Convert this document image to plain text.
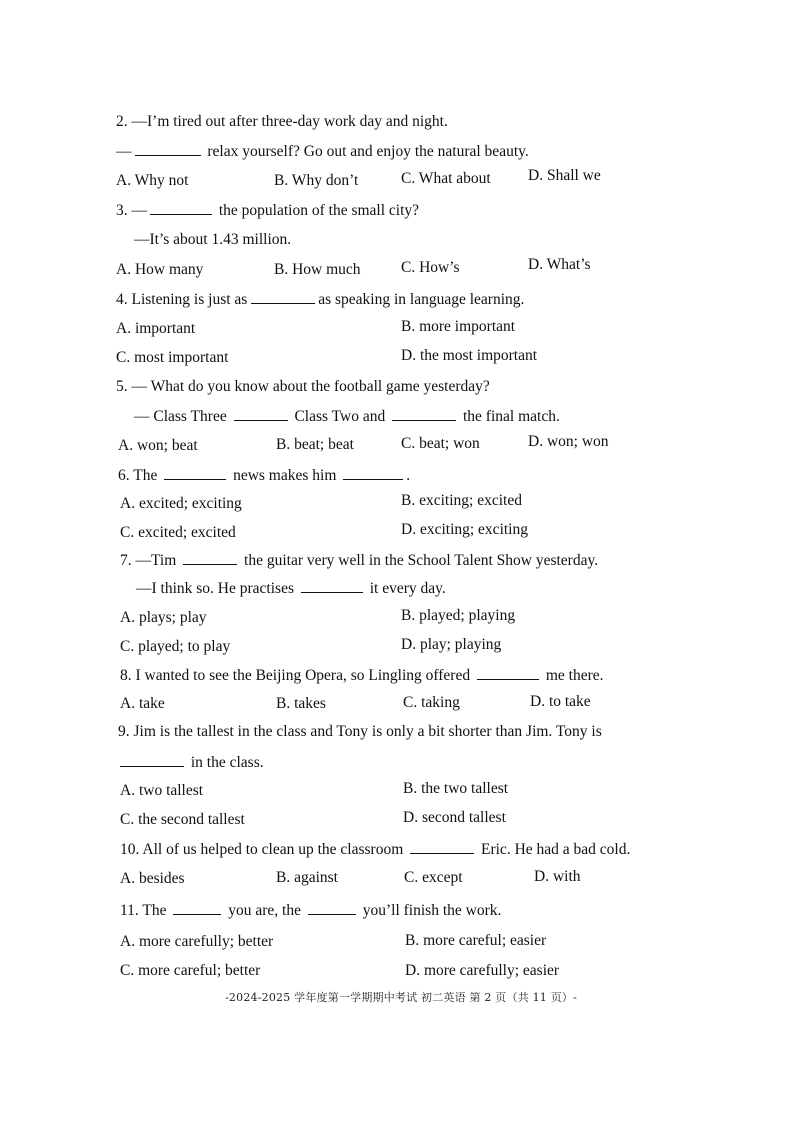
2. —I’m tired out after three-day work day and night.
—	relax yourself? Go out and enjoy the natural beauty.
A. Why not	B. Why don’t	C. What about D. Shall we
3. —	the population of the small city?
—It’s about 1.43 million.
A. How many	B. How much	C. How’s	D. What’s
4. Listening is just as	as speaking in language learning.
A. important	B. more important
C. most important	D. the most important
5. — What do you know about the football game yesterday?
— Class Three	Class Two and	the final match.
A. won; beat	B. beat; beat	C. beat; won	D. won; won
6. The	news makes him	.
A. excited; exciting	B. exciting; excited
C. excited; excited	D. exciting; exciting
7. —Tim	the guitar very well in the School Talent Show yesterday.
—I think so. He practises	it every day.
A. plays; play	B. played; playing
C. played; to play	D. play; playing
8. I wanted to see the Beijing Opera, so Lingling offered	me there.
A. take	B. takes	C. taking	D. to take
9. Jim is the tallest in the class and Tony is only a bit shorter than Jim. Tony is
in the class.
A. two tallest	B. the two tallest
C. the second tallest	D. second tallest
10. All of us helped to clean up the classroom	Eric. He had a bad cold.
A. besides	B. against	C. except	D. with
11. The	you are, the	you’ll finish the work.
A. more carefully; better	B. more careful; easier
C. more careful; better	D. more carefully; easier
-2024-2025 学年度第一学期期中考试 初二英语 第 2 页（共 11 页）-
